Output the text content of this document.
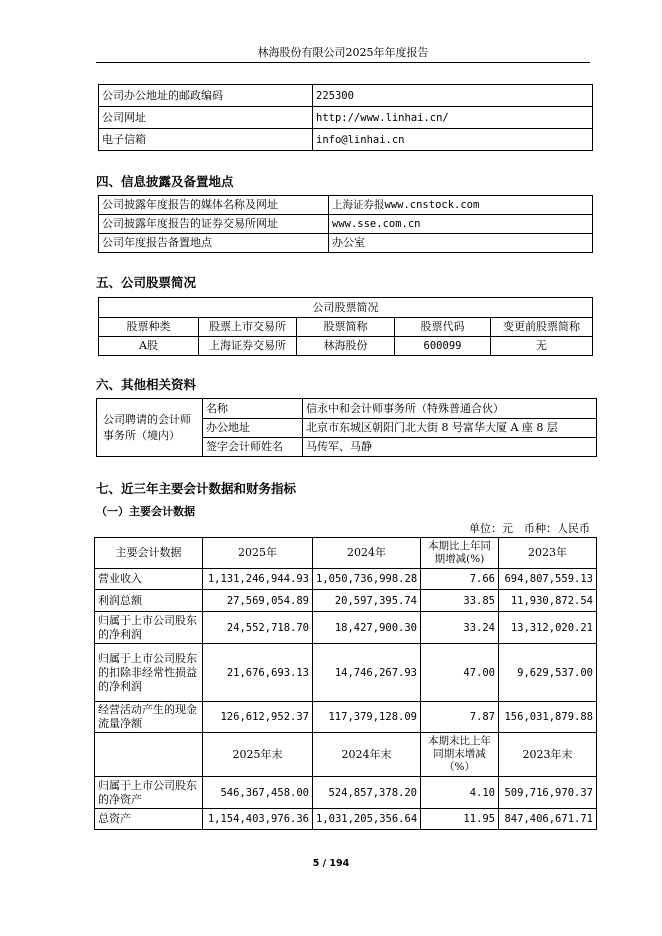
林海股份有限公司2025年年度报告
公司办公地址的邮政编码	225300
公司网址	http://www.linhai.cn/
电子信箱	info@linhai.cn
四、信息披露及备置地点
公司披露年度报告的媒体名称及网址	上海证券报www.cnstock.com
公司披露年度报告的证券交易所网址	www.sse.com.cn
公司年度报告备置地点	办公室
五、公司股票简况
公司股票简况				
股票种类	股票上市交易所	股票简称	股票代码	变更前股票简称
A股	上海证券交易所	林海股份	600099	无
六、其他相关资料
公司聘请的会计师事务所（境内）	名称	信永中和会计师事务所（特殊普通合伙）
	办公地址	北京市东城区朝阳门北大街 8 号富华大厦 A 座 8 层
	签字会计师姓名	马传军、马静
七、近三年主要会计数据和财务指标
（一）主要会计数据
单位：元　币种：人民币
主要会计数据	2025年	2024年	本期比上年同期增减(%)	2023年
营业收入	1,131,246,944.93	1,050,736,998.28	7.66	694,807,559.13
利润总额	27,569,054.89	20,597,395.74	33.85	11,930,872.54
归属于上市公司股东的净利润	24,552,718.70	18,427,900.30	33.24	13,312,020.21
归属于上市公司股东的扣除非经常性损益的净利润	21,676,693.13	14,746,267.93	47.00	9,629,537.00
经营活动产生的现金流量净额	126,612,952.37	117,379,128.09	7.87	156,031,879.88
	2025年末	2024年末	本期末比上年同期末增减（%）	2023年末
归属于上市公司股东的净资产	546,367,458.00	524,857,378.20	4.10	509,716,970.37
总资产	1,154,403,976.36	1,031,205,356.64	11.95	847,406,671.71
5 / 194
